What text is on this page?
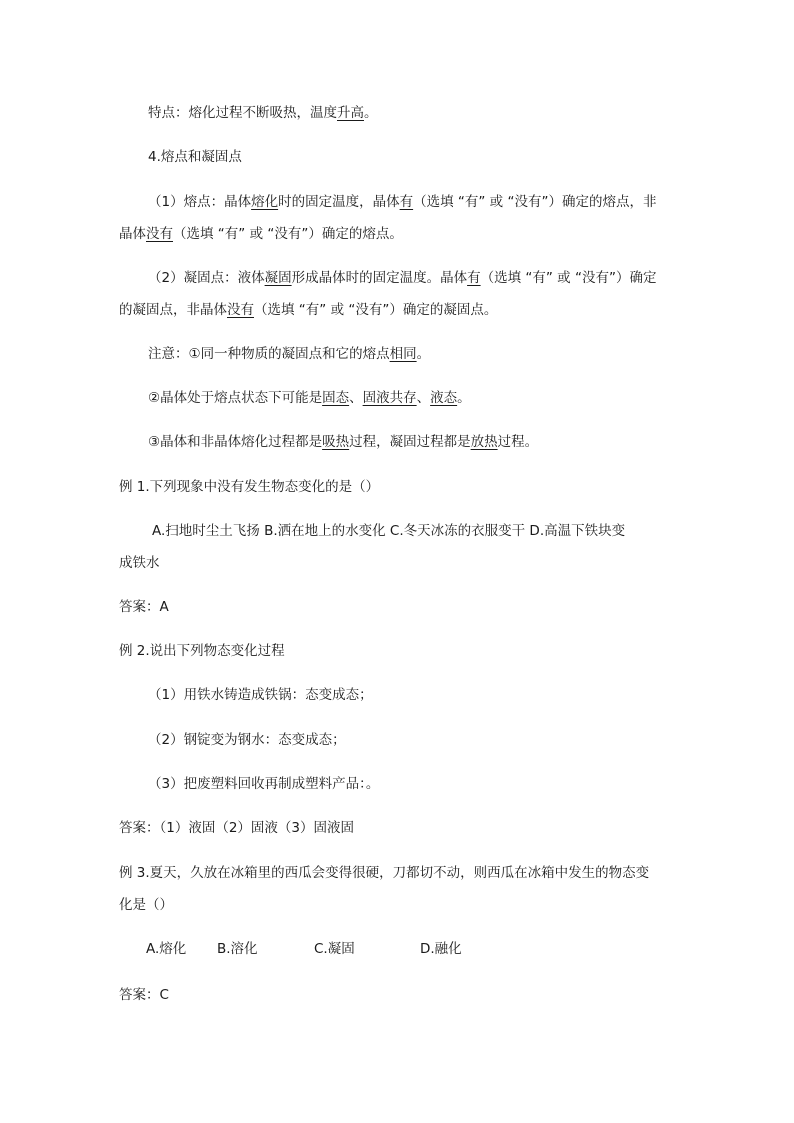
特点：熔化过程不断吸热，温度升高。
4.熔点和凝固点
（1）熔点：晶体熔化时的固定温度，晶体有（选填 “有” 或 “没有”）确定的熔点，非
晶体没有（选填 “有” 或 “没有”）确定的熔点。
（2）凝固点：液体凝固形成晶体时的固定温度。晶体有（选填 “有” 或 “没有”）确定
的凝固点，非晶体没有（选填 “有” 或 “没有”）确定的凝固点。
注意：①同一种物质的凝固点和它的熔点相同。
②晶体处于熔点状态下可能是固态、固液共存、液态。
③晶体和非晶体熔化过程都是吸热过程，凝固过程都是放热过程。
例 1.下列现象中没有发生物态变化的是（）
A.扫地时尘土飞扬 B.洒在地上的水变化 C.冬天冰冻的衣服变干 D.高温下铁块变
成铁水
答案：A
例 2.说出下列物态变化过程
（1）用铁水铸造成铁锅：态变成态；
（2）钢锭变为钢水：态变成态；
（3）把废塑料回收再制成塑料产品：。
答案：（1）液固（2）固液（3）固液固
例 3.夏天，久放在冰箱里的西瓜会变得很硬，刀都切不动，则西瓜在冰箱中发生的物态变
化是（）
A.熔化 B.溶化	C.凝固	D.融化
答案：C
